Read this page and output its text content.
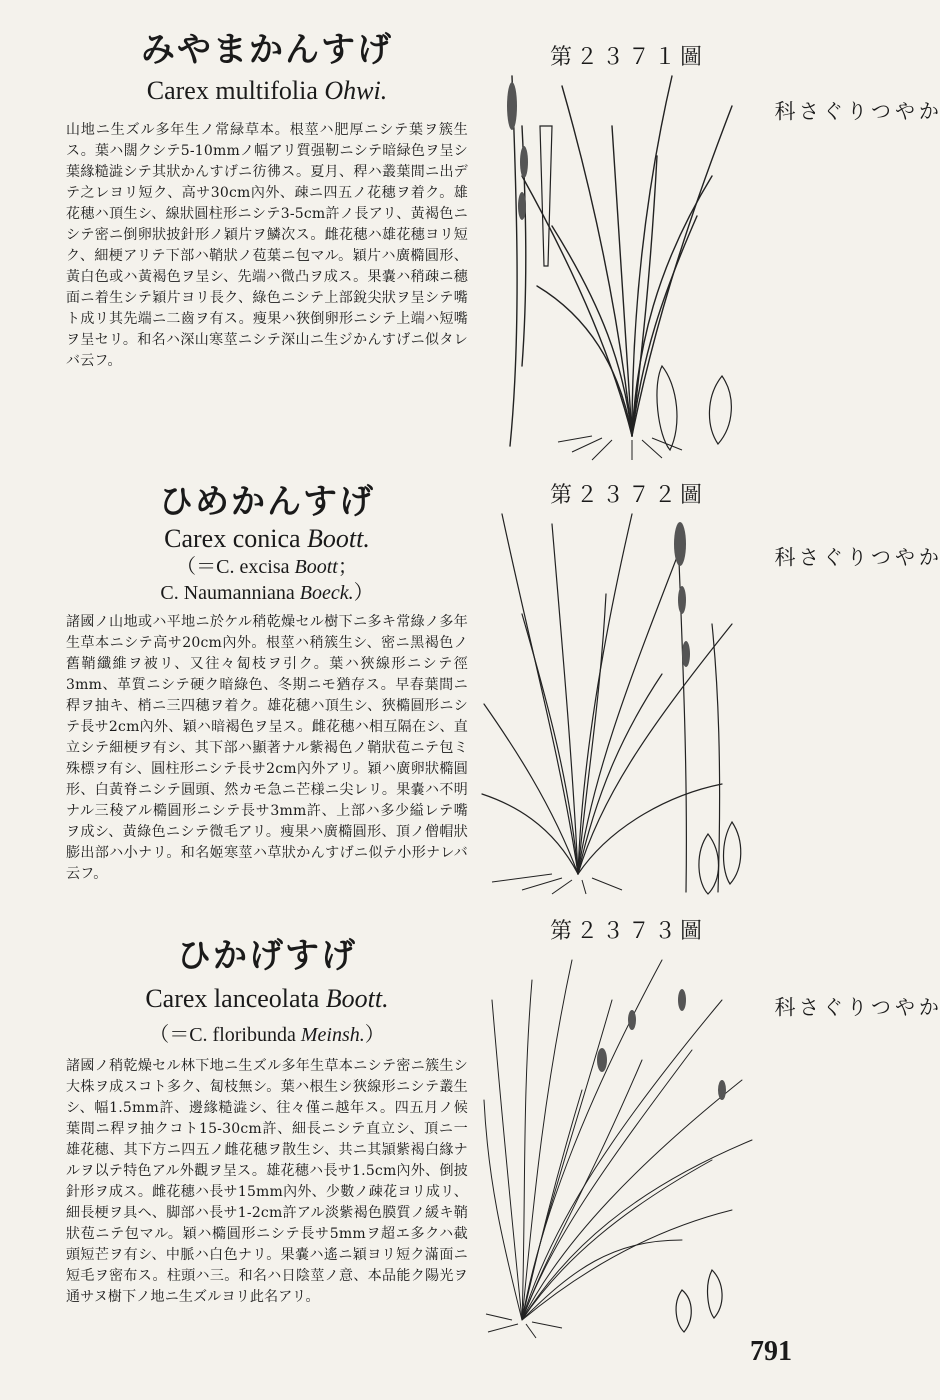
みやまかんすげ

Carex multifolia Ohwi.

山地ニ生ズル多年生ノ常緑草本。根莖ハ肥厚ニシテ葉ヲ簇生ス。葉ハ闊クシテ5-10mmノ幅アリ質强靭ニシテ暗緑色ヲ呈シ葉緣糙澁シテ其狀かんすげニ彷彿ス。夏月、稈ハ叢葉間ニ出デテ之レヨリ短ク、高サ30cm內外、疎ニ四五ノ花穗ヲ着ク。雄花穗ハ頂生シ、線狀圓柱形ニシテ3-5cm許ノ長アリ、黃褐色ニシテ密ニ倒卵狀披針形ノ穎片ヲ鱗次ス。雌花穗ハ雄花穗ヨリ短ク、細梗アリテ下部ハ鞘狀ノ苞葉ニ包マル。穎片ハ廣橢圓形、黃白色或ハ黃褐色ヲ呈シ、先端ハ微凸ヲ成ス。果嚢ハ稍疎ニ穗面ニ着生シテ穎片ヨリ長ク、綠色ニシテ上部銳尖狀ヲ呈シテ嘴ト成リ其先端ニ二齒ヲ有ス。痩果ハ狹倒卵形ニシテ上端ハ短嘴ヲ呈セリ。和名ハ深山寒莖ニシテ深山ニ生ジかんすげニ似タレバ云フ。

第２３７１圖
かやつりぐさ科
ひめかんすげ

Carex conica Boott.

（＝C. excisa Boott；

C. Naumanniana Boeck.）

諸國ノ山地或ハ平地ニ於ケル稍乾燥セル樹下ニ多キ常綠ノ多年生草本ニシテ高サ20cm內外。根莖ハ稍簇生シ、密ニ黑褐色ノ舊鞘纖維ヲ被リ、又往々匐枝ヲ引ク。葉ハ狹線形ニシテ徑3mm、革質ニシテ硬ク暗綠色、冬期ニモ猶存ス。早春葉間ニ稈ヲ抽キ、梢ニ三四穗ヲ着ク。雄花穗ハ頂生シ、狹橢圓形ニシテ長サ2cm內外、穎ハ暗褐色ヲ呈ス。雌花穗ハ相互隔在シ、直立シテ細梗ヲ有シ、其下部ハ顯著ナル紫褐色ノ鞘狀苞ニテ包ミ殊標ヲ有シ、圓柱形ニシテ長サ2cm內外アリ。穎ハ廣卵狀橢圓形、白黃脊ニシテ圓頭、然カモ急ニ芒様ニ尖レリ。果嚢ハ不明ナル三稜アル橢圓形ニシテ長サ3mm許、上部ハ多少縊レテ嘴ヲ成シ、黃綠色ニシテ微毛アリ。痩果ハ廣橢圓形、頂ノ僧帽狀膨出部ハ小ナリ。和名姬寒莖ハ草狀かんすげニ似テ小形ナレバ云フ。

第２３７２圖
かやつりぐさ科
ひかげすげ

Carex lanceolata Boott.

（＝C. floribunda Meinsh.）

諸國ノ稍乾燥セル林下地ニ生ズル多年生草本ニシテ密ニ簇生シ大株ヲ成スコト多ク、匐枝無シ。葉ハ根生シ狹線形ニシテ叢生シ、幅1.5mm許、邊緣糙澁シ、往々僅ニ越年ス。四五月ノ候葉間ニ稈ヲ抽クコト15-30cm許、細長ニシテ直立シ、頂ニ一雄花穗、其下方ニ四五ノ雌花穗ヲ散生シ、共ニ其頴紫褐白緣ナルヲ以テ特色アル外觀ヲ呈ス。雄花穗ハ長サ1.5cm內外、倒披針形ヲ成ス。雌花穗ハ長サ15mm內外、少數ノ疎花ヨリ成リ、細長梗ヲ具ヘ、脚部ハ長サ1-2cm許アル淡紫褐色膜質ノ緩キ鞘狀苞ニテ包マル。穎ハ橢圓形ニシテ長サ5mmヲ超エ多クハ截頭短芒ヲ有シ、中脈ハ白色ナリ。果嚢ハ遙ニ穎ヨリ短ク滿面ニ短毛ヲ密布ス。柱頭ハ三。和名ハ日陰莖ノ意、本品能ク陽光ヲ通サヌ樹下ノ地ニ生ズルヨリ此名アリ。

第２３７３圖
かやつりぐさ科
791
